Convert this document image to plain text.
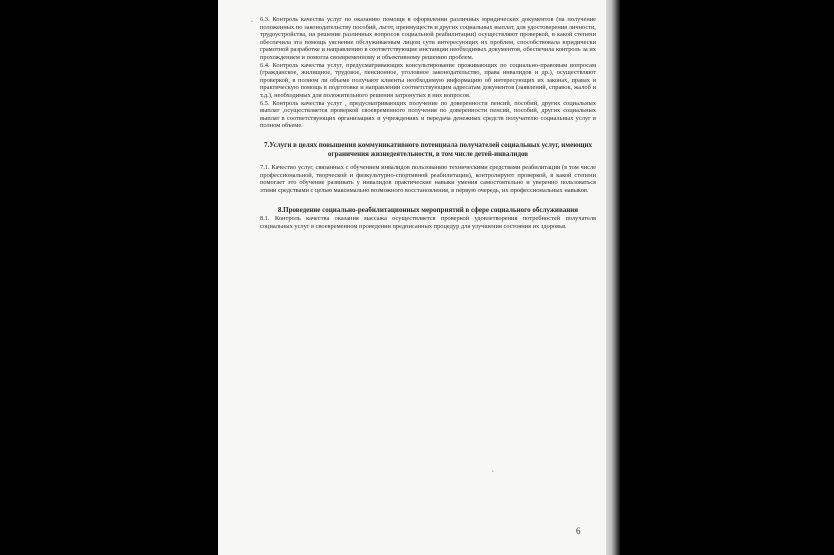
6.3. Контроль качества услуг по оказанию помощи в оформлении различных юридических документов (на получение положенных по законодательству пособий, льгот, преимуществ и других социальных выплат, для удостоверения личности, трудоустройства, на решение различных вопросов социальной реабилитации) осуществляют проверкой, в какой степени обеспечила эта помощь уяснение обслуживаемым лицом сути интересующих их проблем, способствовала юридически грамотной разработке и направлению в соответствующие инстанции необходимых документов, обеспечила контроль за их прохождением и помогла своевременному и объективному решению проблем.

6.4. Контроль качества услуг, предусматривающих консультирование проживающих по социально-правовым вопросам (гражданское, жилищное, трудовое, пенсионное, уголовное законодательство, права инвалидов и др.), осуществляют проверкой, в полном ли объеме получают клиенты необходимую информацию об интересующих их законах, правах и практическую помощь в подготовке и направлении соответствующим адресатам документов (заявлений, справок, жалоб и т.д.), необходимых для положительного решения затронутых в них вопросов.

6.5. Контроль качества услуг , предусматривающих получение по доверенности пенсий, пособий, других социальных выплат ,осуществляется проверкой своевременного получения по доверенности пенсий, пособий, других социальных выплат в соответствующих организациях и учреждениях и передача денежных средств получателю социальных услуг в полном объеме.

7.Услуги в целях повышения коммуникативного потенциала получателей социальных услуг, имеющих ограничения жизнедеятельности, в том числе детей-инвалидов

7.1. Качество услуг, связанных с обучением инвалидов пользованию техническими средствами реабилитации (в том числе профессиональной, творческой и физкультурно-спортивной реабилитации), контролируют проверкой, в какой степени помогает это обучение развивать у инвалидов практические навыки умения самостоятельно и уверенно пользоваться этими средствами с целью максимально возможного восстановления, в первую очередь, их профессиональных навыков.

8.Проведение социально-реабилитационных мероприятий в сфере социального обслуживания

8.1. Контроль качества оказания массажа осуществляется проверкой удовлетворения потребностей получателя социальных услуг в своевременном проведении предписанных процедур для улучшения состояния их здоровья.

•
•
6
